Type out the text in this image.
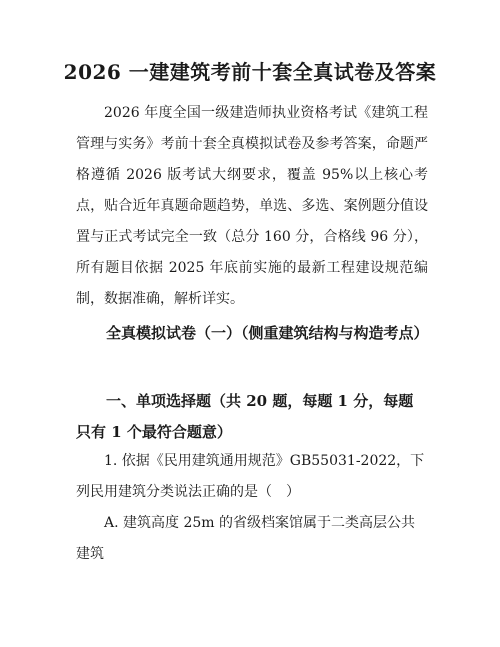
2026 一建建筑考前十套全真试卷及答案
2026 年度全国一级建造师执业资格考试《建筑工程管理与实务》考前十套全真模拟试卷及参考答案，命题严格遵循 2026 版考试大纲要求，覆盖 95%以上核心考点，贴合近年真题命题趋势，单选、多选、案例题分值设置与正式考试完全一致（总分 160 分，合格线 96 分），所有题目依据 2025 年底前实施的最新工程建设规范编制，数据准确，解析详实。
全真模拟试卷（一）（侧重建筑结构与构造考点）
一、单项选择题（共 20 题，每题 1 分，每题只有 1 个最符合题意）
1. 依据《民用建筑通用规范》GB55031-2022，下列民用建筑分类说法正确的是（　）
A. 建筑高度 25m 的省级档案馆属于二类高层公共建筑
